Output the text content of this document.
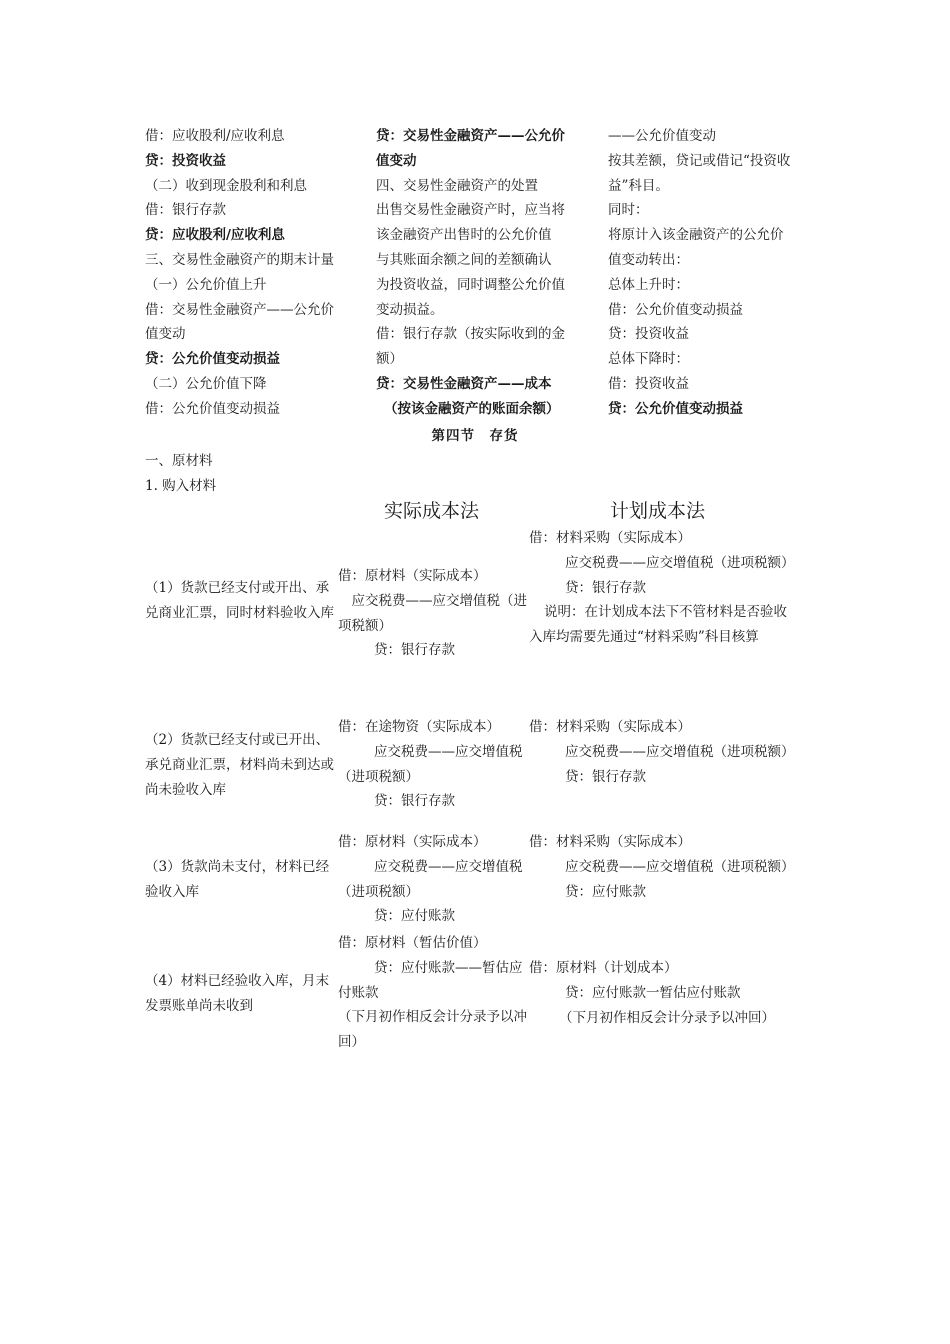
借：应收股利/应收利息
贷：投资收益
（二）收到现金股利和利息
借：银行存款
贷：应收股利/应收利息
三、交易性金融资产的期末计量
（一）公允价值上升
借：交易性金融资产——公允价
值变动
贷：公允价值变动损益
（二）公允价值下降
借：公允价值变动损益
贷：交易性金融资产——公允价
值变动
四、交易性金融资产的处置
出售交易性金融资产时，应当将
该金融资产出售时的公允价值
与其账面余额之间的差额确认
为投资收益，同时调整公允价值
变动损益。
借：银行存款（按实际收到的金
额）
贷：交易性金融资产——成本
（按该金融资产的账面余额）
——公允价值变动
按其差额，贷记或借记“投资收
益”科目。
同时：
将原计入该金融资产的公允价
值变动转出：
总体上升时：
借：公允价值变动损益
贷：投资收益
总体下降时：
借：投资收益
贷：公允价值变动损益
第四节　存货
一、原材料
1. 购入材料
实际成本法	计划成本法
（1）货款已经支付或开出、承兑商业汇票，同时材料验收入库
借：原材料（实际成本）
　应交税费——应交增值税（进项税额）
贷：银行存款
借：材料采购（实际成本）
应交税费——应交增值税（进项税额）
贷：银行存款
说明：在计划成本法下不管材料是否验收入库均需要先通过“材料采购”科目核算
（2）货款已经支付或已开出、承兑商业汇票，材料尚未到达或尚未验收入库
借：在途物资（实际成本）
应交税费——应交增值税（进项税额）
贷：银行存款
借：材料采购（实际成本）
应交税费——应交增值税（进项税额）
贷：银行存款
（3）货款尚未支付，材料已经验收入库
借：原材料（实际成本）
应交税费——应交增值税（进项税额）
贷：应付账款
借：材料采购（实际成本）
应交税费——应交增值税（进项税额）
贷：应付账款
（4）材料已经验收入库，月末发票账单尚未收到
借：原材料（暂估价值）
贷：应付账款——暂估应付账款
（下月初作相反会计分录予以冲回）
借：原材料（计划成本）
贷：应付账款一暂估应付账款
（下月初作相反会计分录予以冲回）
